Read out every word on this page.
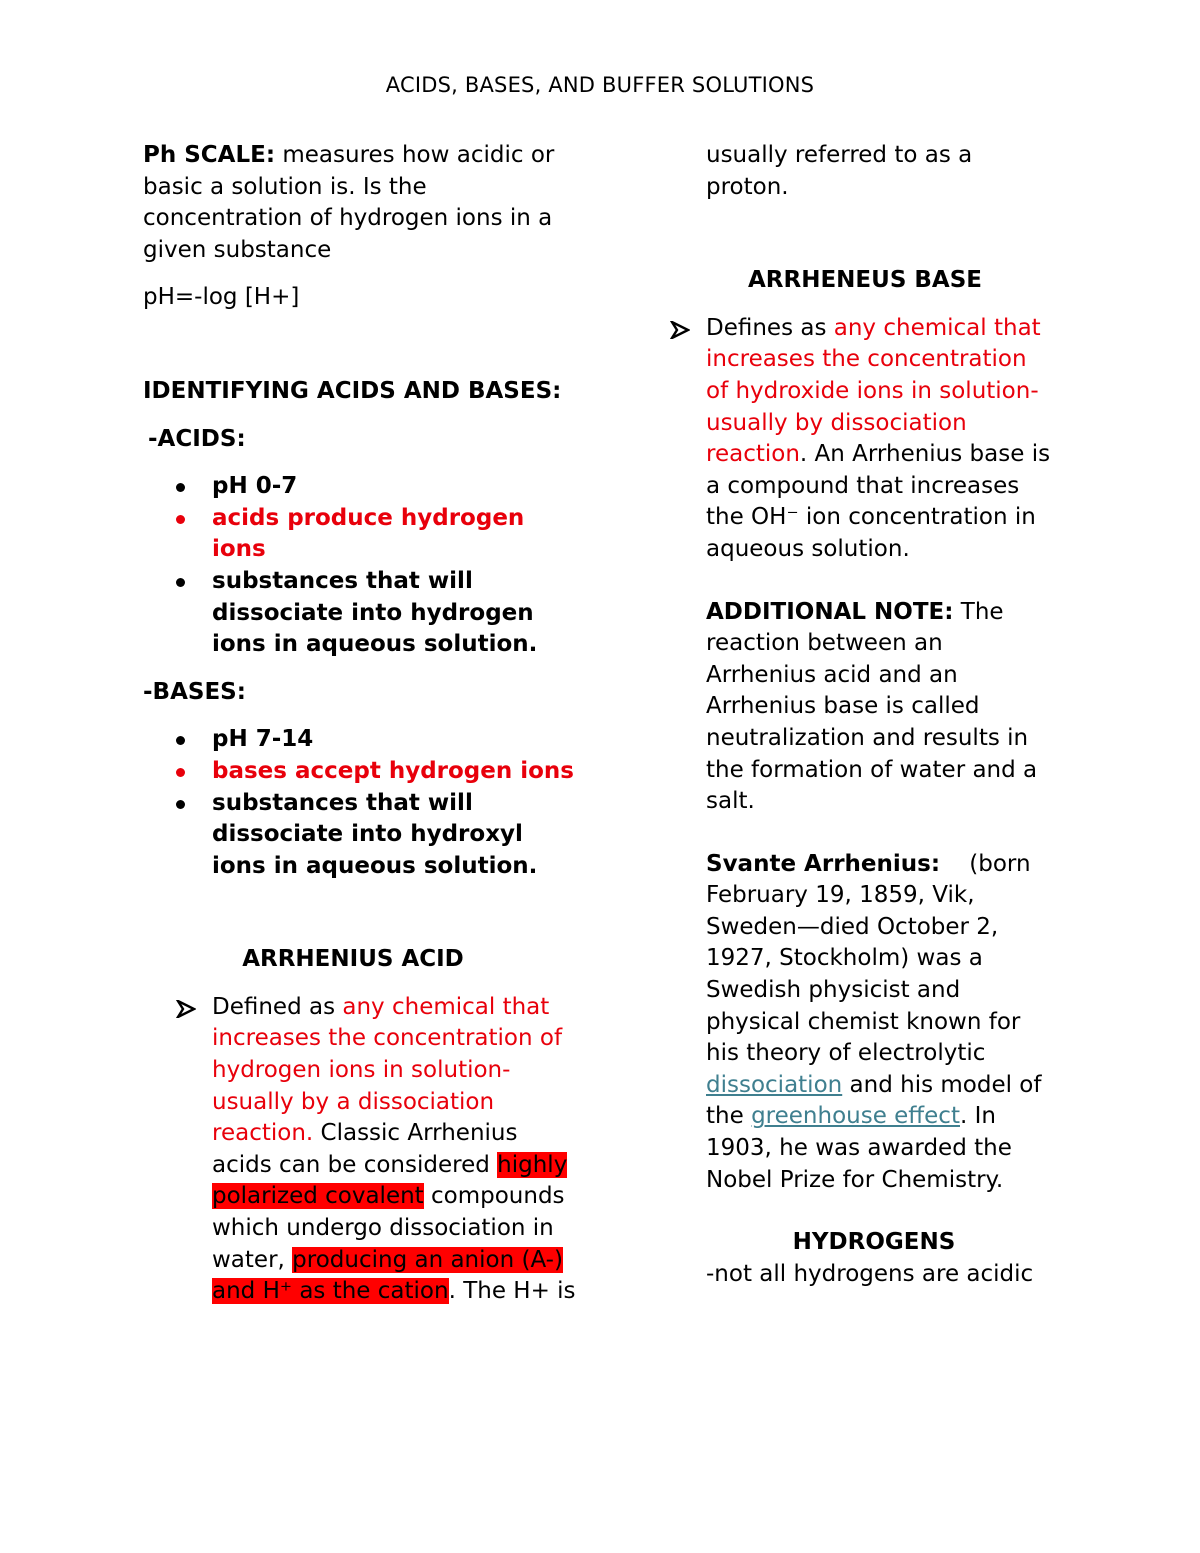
ACIDS, BASES, AND BUFFER SOLUTIONS

Ph SCALE: measures how acidic or basic a solution is. Is the concentration of hydrogen ions in a given substance

pH=-log [H+]

IDENTIFYING ACIDS AND BASES:

-ACIDS:

pH 0-7
acids produce hydrogen ions
substances that will dissociate into hydrogen ions in aqueous solution.

-BASES:

pH 7-14
bases accept hydrogen ions
substances that will dissociate into hydroxyl ions in aqueous solution.

ARRHENIUS ACID

Defined as any chemical that increases the concentration of hydrogen ions in solution- usually by a dissociation reaction. Classic Arrhenius acids can be considered highly polarized covalent compounds which undergo dissociation in water, producing an anion (A-) and H⁺ as the cation. The H+ is

usually referred to as a proton.

ARRHENEUS BASE

Defines as any chemical that increases the concentration of hydroxide ions in solution- usually by dissociation reaction. An Arrhenius base is a compound that increases the OH⁻ ion concentration in aqueous solution.

ADDITIONAL NOTE: The reaction between an Arrhenius acid and an Arrhenius base is called neutralization and results in the formation of water and a salt.

Svante Arrhenius:    (born February 19, 1859, Vik, Sweden—died October 2, 1927, Stockholm) was a Swedish physicist and physical chemist known for his theory of electrolytic dissociation and his model of the greenhouse effect. In 1903, he was awarded the Nobel Prize for Chemistry.

HYDROGENS

-not all hydrogens are acidic
